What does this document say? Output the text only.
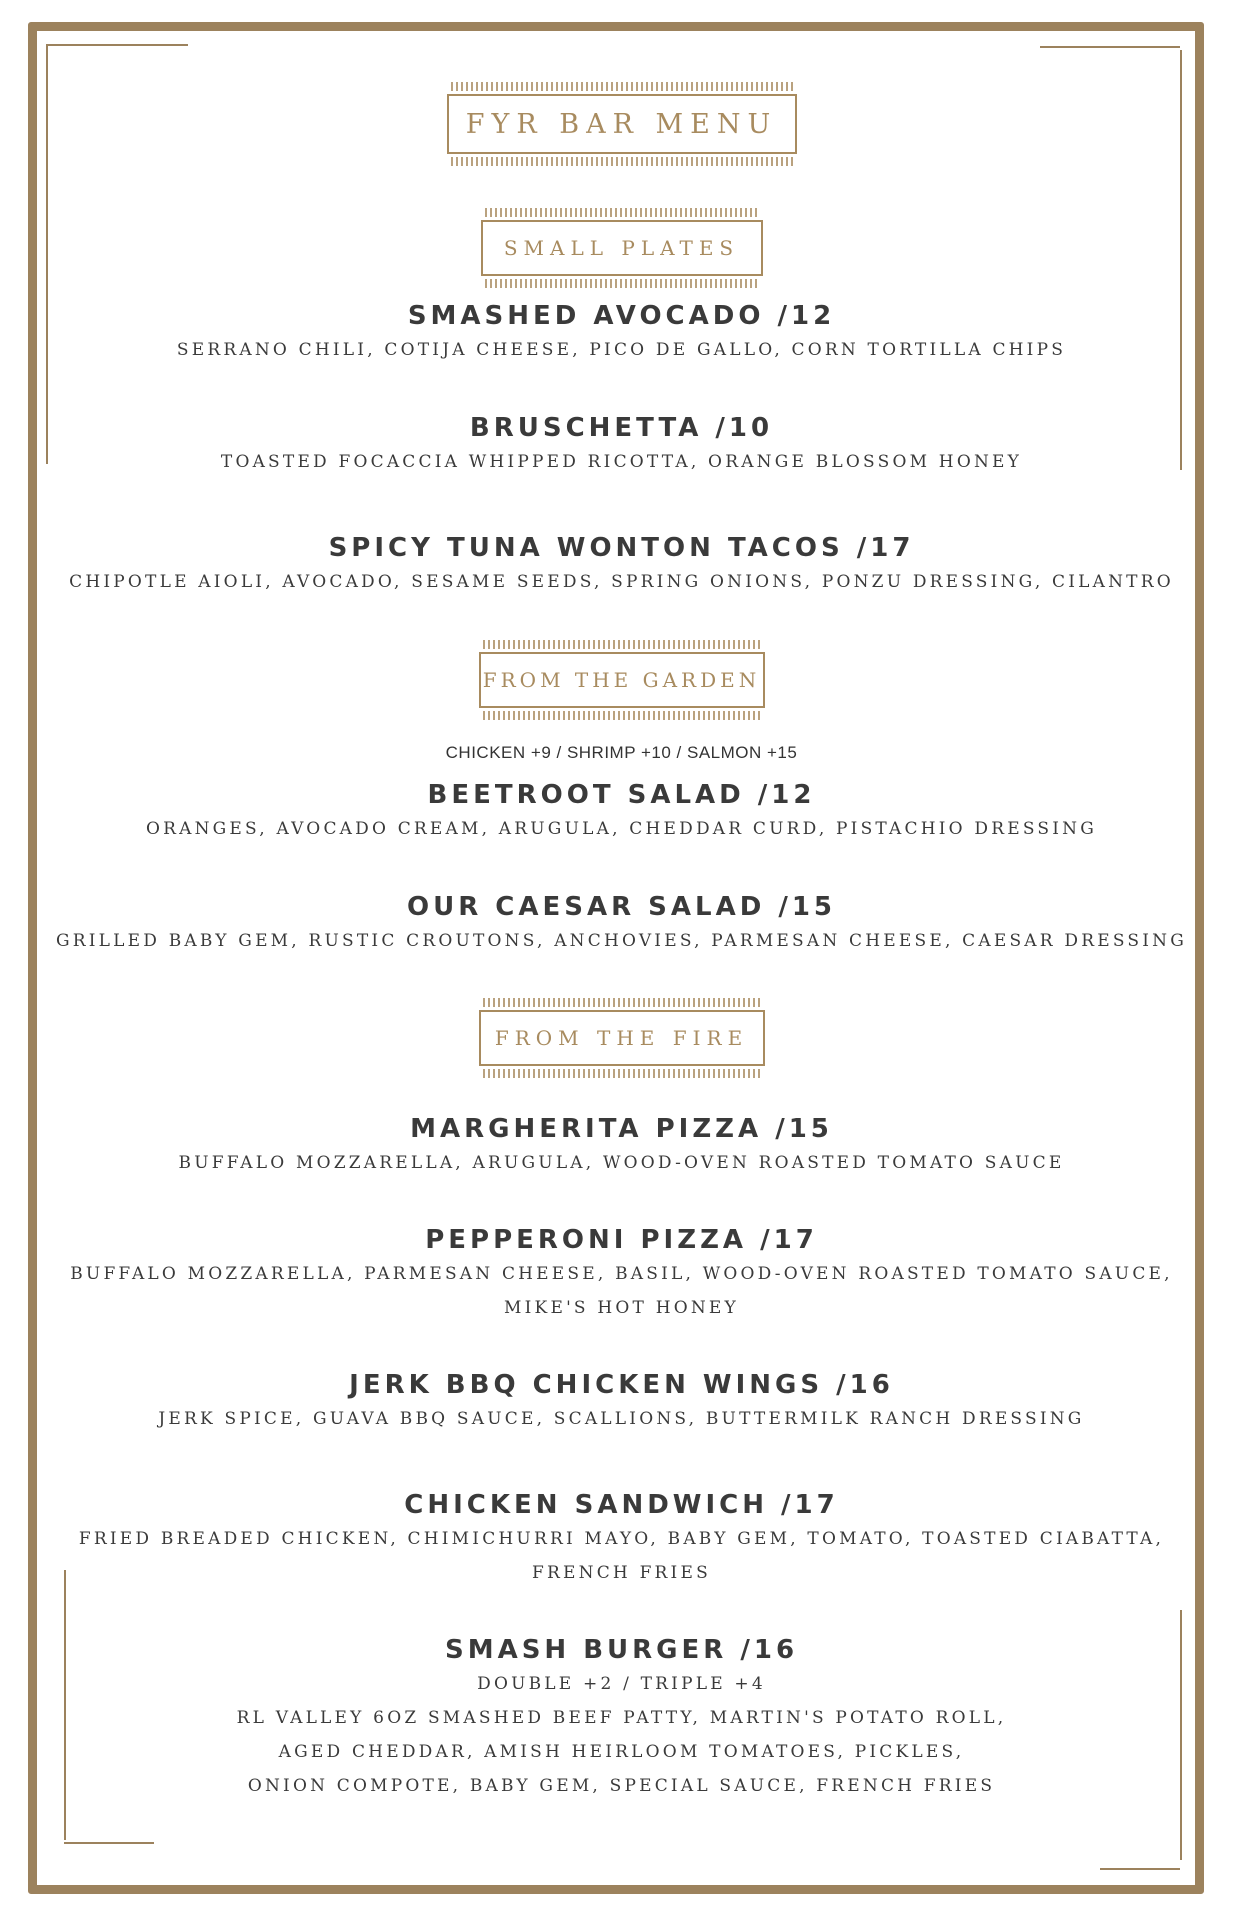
FYR BAR MENU
SMALL PLATES
SMASHED AVOCADO /12
SERRANO CHILI, COTIJA CHEESE, PICO DE GALLO, CORN TORTILLA CHIPS
BRUSCHETTA /10
TOASTED FOCACCIA WHIPPED RICOTTA, ORANGE BLOSSOM HONEY
SPICY TUNA WONTON TACOS /17
CHIPOTLE AIOLI, AVOCADO, SESAME SEEDS, SPRING ONIONS, PONZU DRESSING, CILANTRO
FROM THE GARDEN
CHICKEN +9 / SHRIMP +10 / SALMON +15
BEETROOT SALAD /12
ORANGES, AVOCADO CREAM, ARUGULA, CHEDDAR CURD, PISTACHIO DRESSING
OUR CAESAR SALAD /15
GRILLED BABY GEM, RUSTIC CROUTONS, ANCHOVIES, PARMESAN CHEESE, CAESAR DRESSING
FROM THE FIRE
MARGHERITA PIZZA /15
BUFFALO MOZZARELLA, ARUGULA, WOOD-OVEN ROASTED TOMATO SAUCE
PEPPERONI PIZZA /17
BUFFALO MOZZARELLA, PARMESAN CHEESE, BASIL, WOOD-OVEN ROASTED TOMATO SAUCE,
MIKE'S HOT HONEY
JERK BBQ CHICKEN WINGS /16
JERK SPICE, GUAVA BBQ SAUCE, SCALLIONS, BUTTERMILK RANCH DRESSING
CHICKEN SANDWICH /17
FRIED BREADED CHICKEN, CHIMICHURRI MAYO, BABY GEM, TOMATO, TOASTED CIABATTA,
FRENCH FRIES
SMASH BURGER /16
DOUBLE +2 / TRIPLE +4
RL VALLEY 6OZ SMASHED BEEF PATTY, MARTIN'S POTATO ROLL,
AGED CHEDDAR, AMISH HEIRLOOM TOMATOES, PICKLES,
ONION COMPOTE, BABY GEM, SPECIAL SAUCE, FRENCH FRIES
